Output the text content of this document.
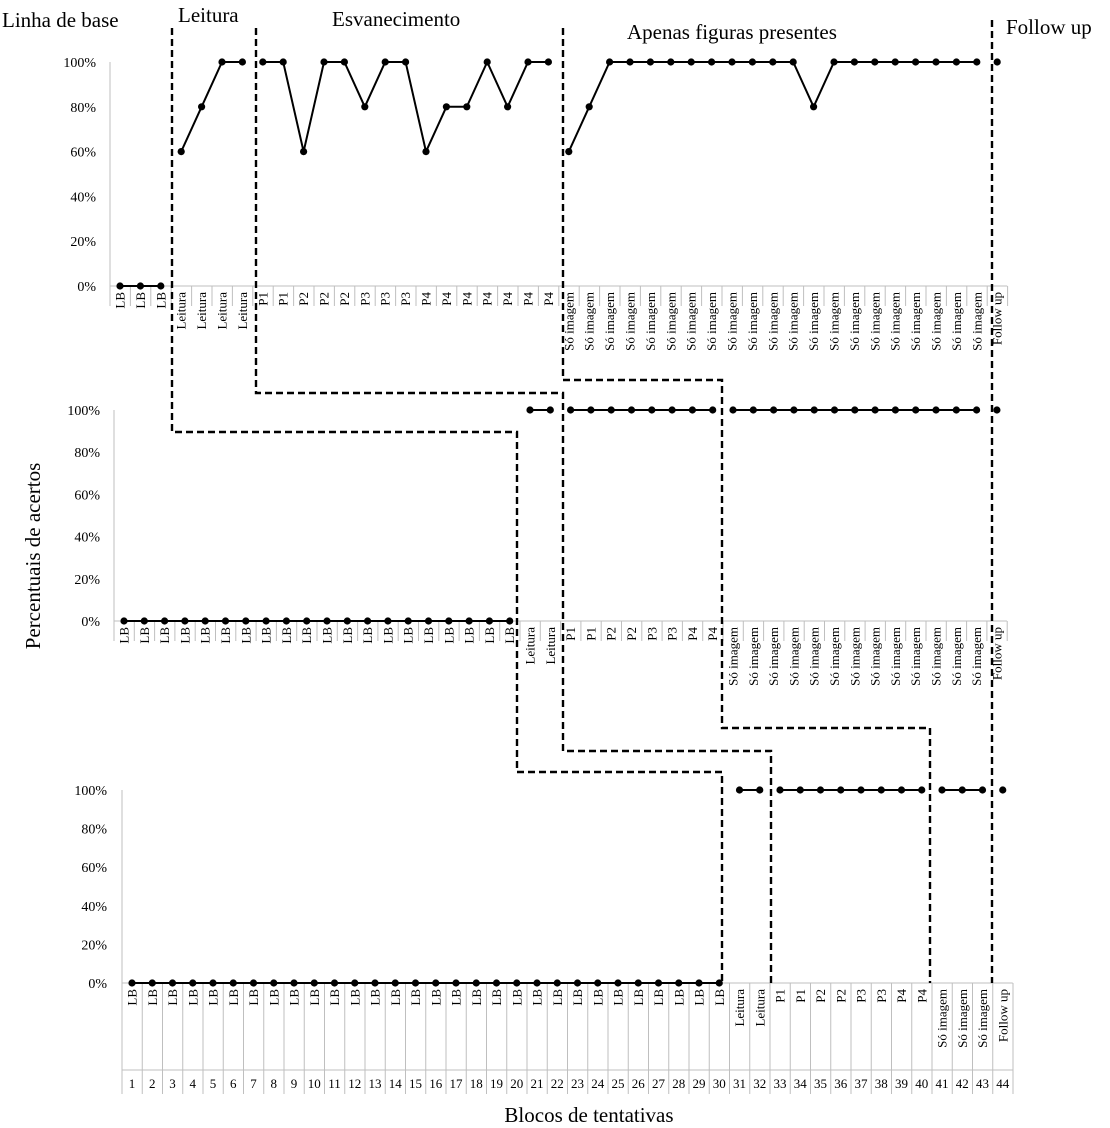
Linha de base	Leitura	Esvanecimento
Apenas figuras presentes	Follow up
Percentuais de acertos
Blocos de tentativas
0%
20%
40%
60%
80%
100%
LB LB LB Leitura Leitura Leitura Leitura P1 P1 P2 P2 P2 P3 P3 P3 P4 P4 P4 P4 P4 P4 P4 Só imagem Só imagem Só imagem Só imagem Só imagem Só imagem Só imagem Só imagem Só imagem Só imagem Só imagem Só imagem Só imagem Só imagem Só imagem Só imagem Só imagem Só imagem Só imagem Só imagem Só imagem Follow up
0%
20%
40%
60%
80%
100%
LB LB LB LB LB LB LB LB LB LB LB LB LB LB LB LB LB LB LB LB Leitura Leitura P1 P1 P2 P2 P3 P3 P4 P4 Só imagem Só imagem Só imagem Só imagem Só imagem Só imagem Só imagem Só imagem Só imagem Só imagem Só imagem Só imagem Só imagem Follow up
0%
20%
40%
60%
80%
100%
LB LB LB LB LB LB LB LB LB LB LB LB LB LB LB LB LB LB LB LB LB LB LB LB LB LB LB LB LB LB Leitura Leitura P1 P1 P2 P2 P3 P3 P4 P4 Só imagem Só imagem Só imagem Follow up
1 2 3 4 5 6 7 8 9 10 11 12 13 14 15 16 17 18 19 20 21 22 23 24 25 26 27 28 29 30 31 32 33 34 35 36 37 38 39 40 41 42 43 44
